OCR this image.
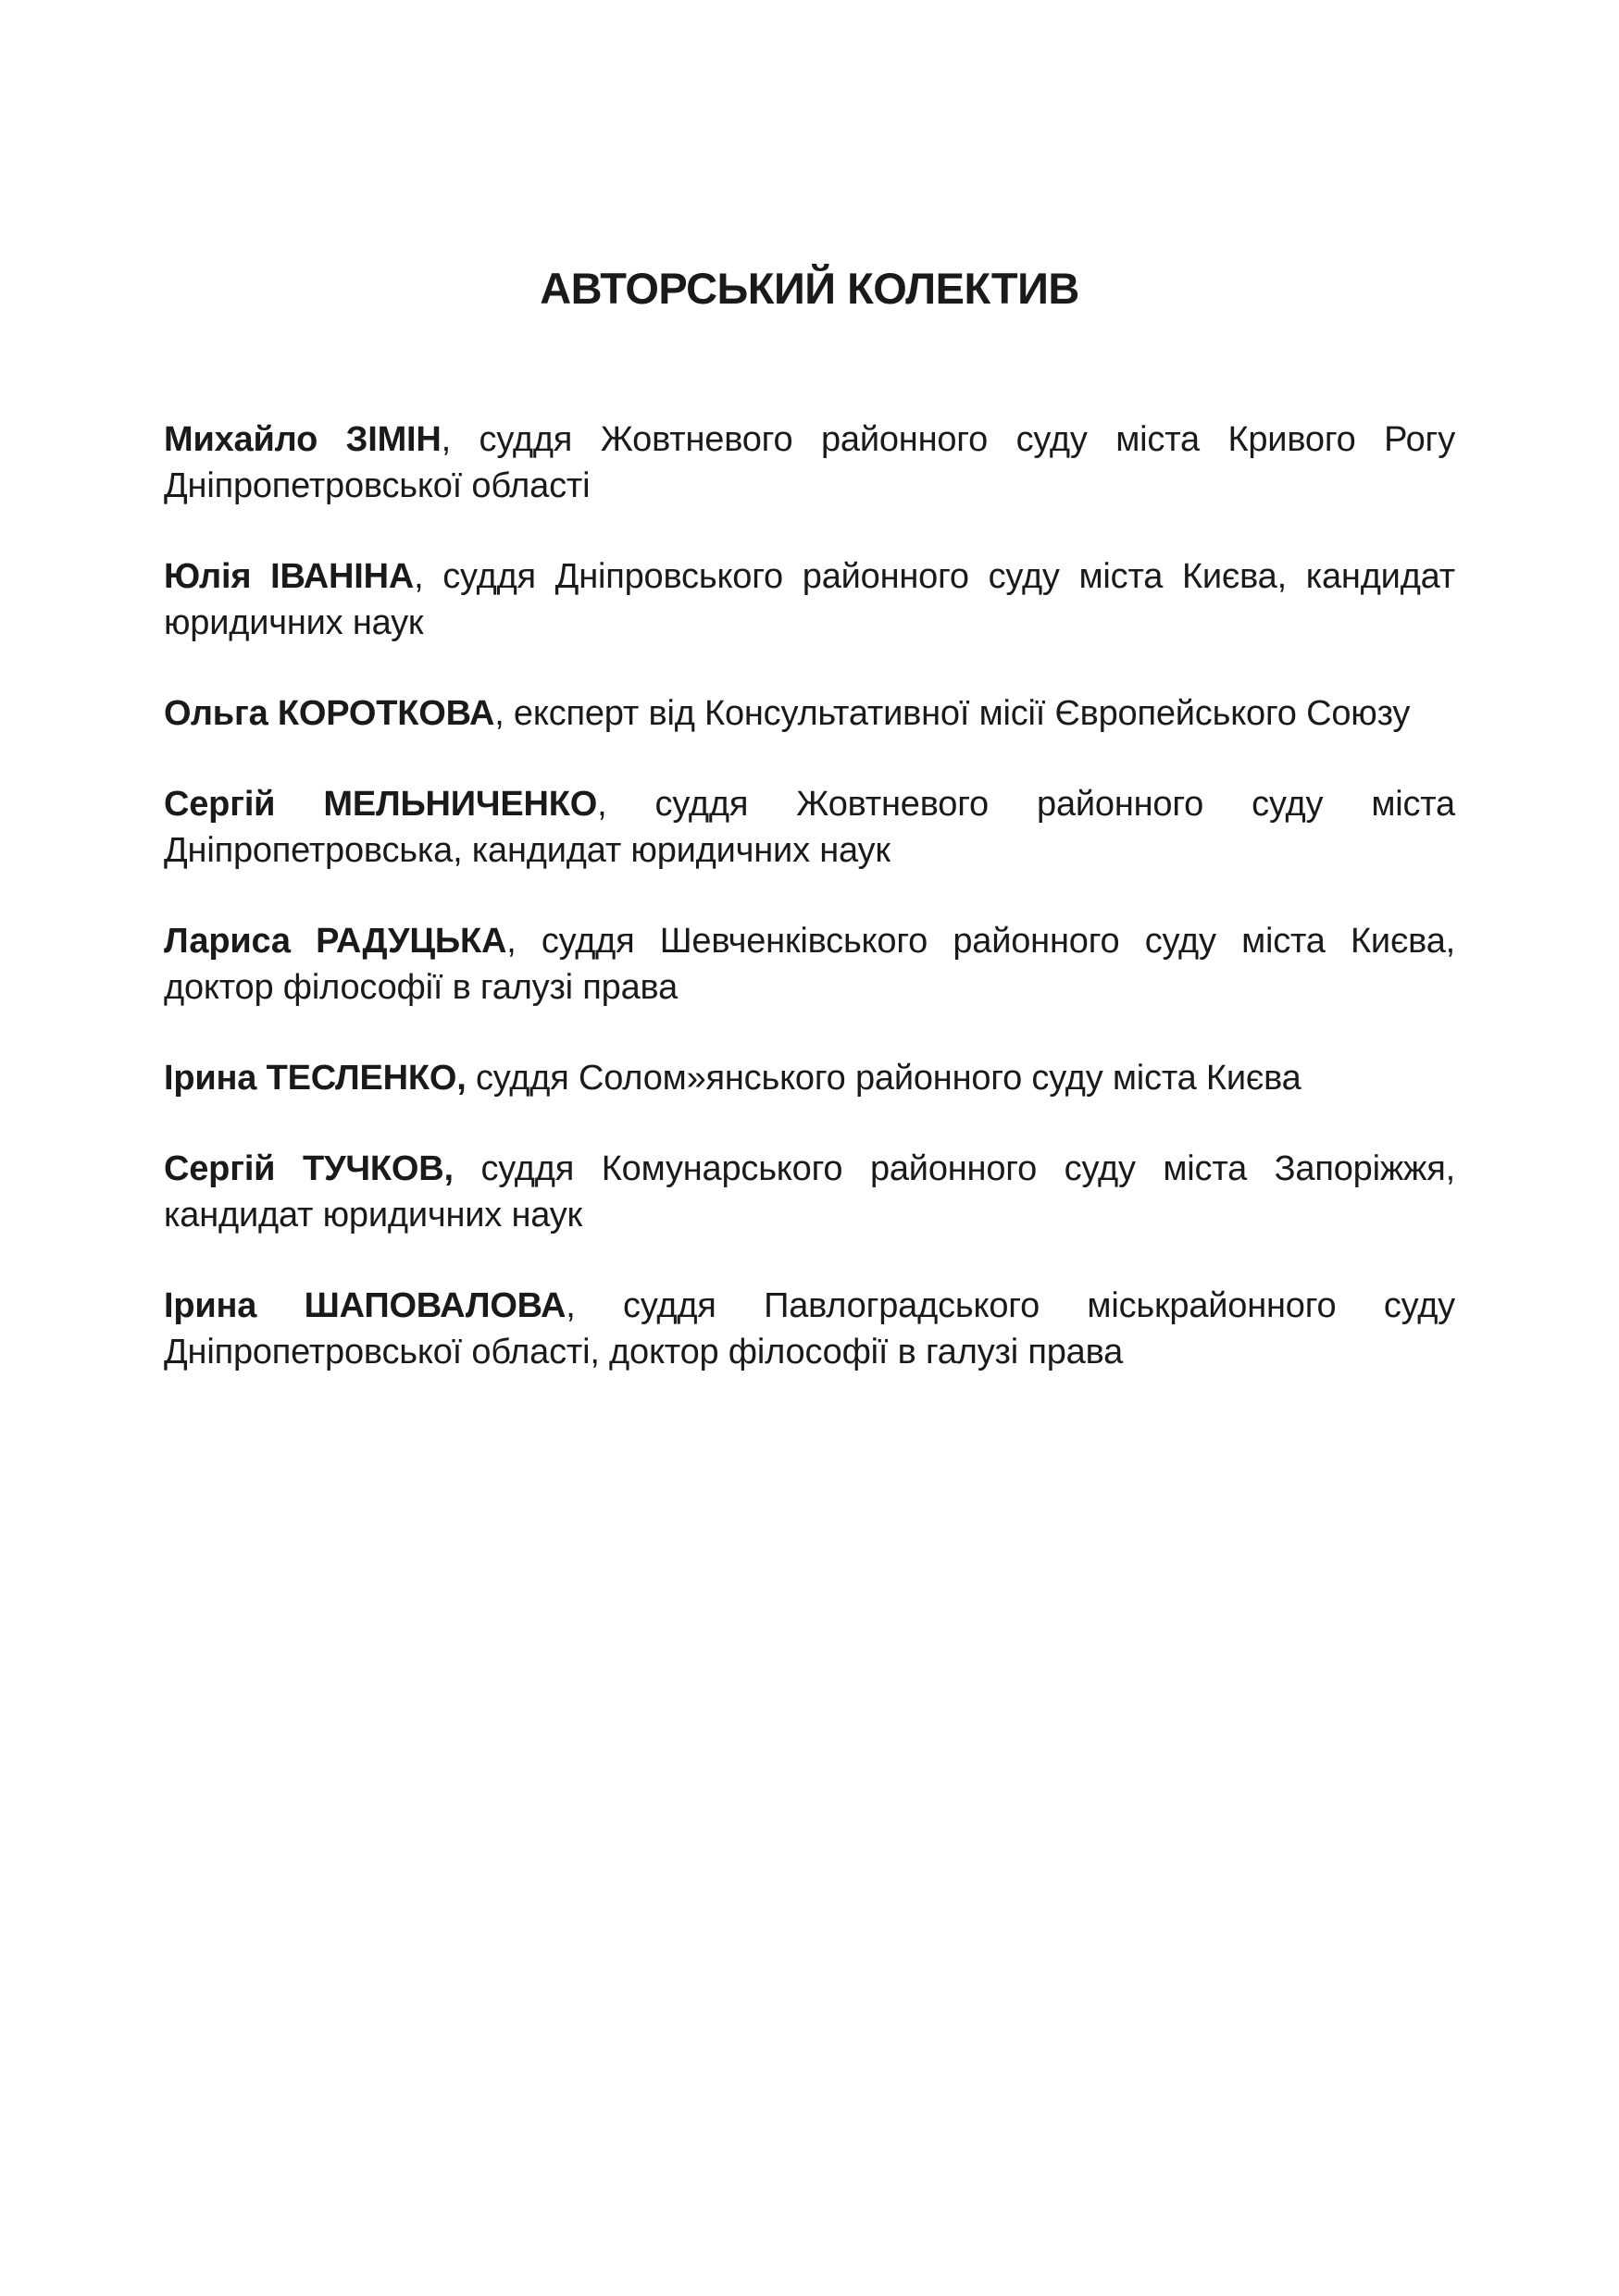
АВТОРСЬКИЙ КОЛЕКТИВ
Михайло ЗІМІН, суддя Жовтневого районного суду міста Кривого Рогу Дніпропетровської області
Юлія ІВАНІНА, суддя Дніпровського районного суду міста Києва, кандидат юридичних наук
Ольга КОРОТКОВА, експерт від Консультативної місії Європейського Союзу
Сергій МЕЛЬНИЧЕНКО, суддя Жовтневого районного суду міста Дніпропетровська, кандидат юридичних наук
Лариса РАДУЦЬКА, суддя Шевченківського районного суду міста Києва, доктор філософії в галузі права
Ірина ТЕСЛЕНКО, суддя Солом»янського районного суду міста Києва
Сергій ТУЧКОВ, суддя Комунарського районного суду міста Запоріжжя, кандидат юридичних наук
Ірина ШАПОВАЛОВА, суддя Павлоградського міськрайонного суду Дніпропетровської області, доктор філософії в галузі права
